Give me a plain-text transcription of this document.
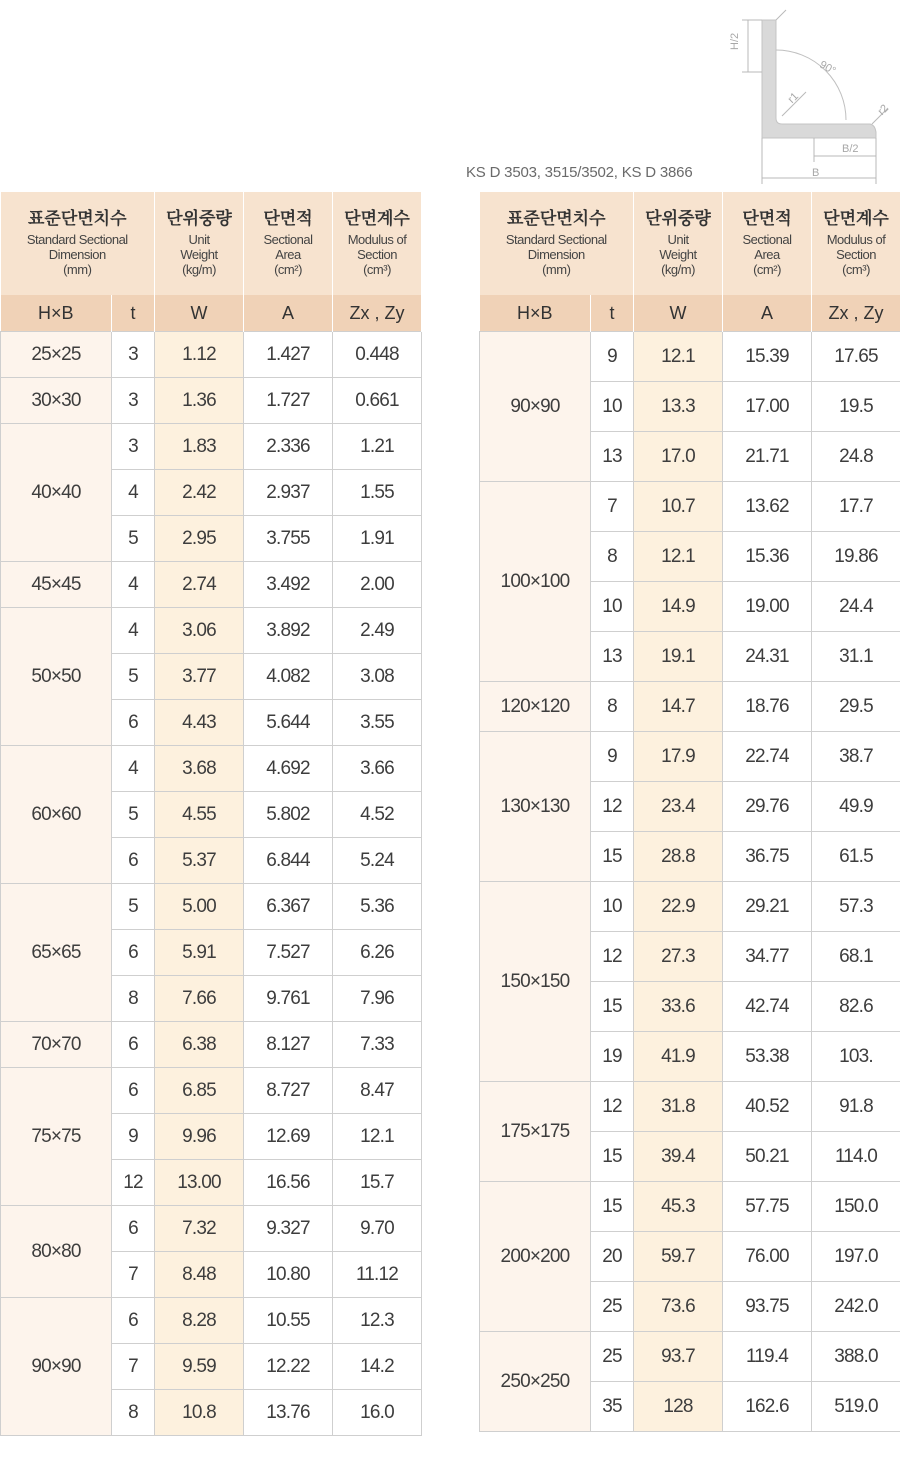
H/2
90°
r1
r2
B/2
B
KS D 3503, 3515/3502, KS D 3866
표준단면치수
Standard Sectional
Dimension
(mm)		단위중량
Unit
Weight
(kg/m)	단면적
Sectional
Area
(cm²)	단면계수
Modulus of
Section
(cm³)

H×B	t	W	A	Zx , Zy
25×25	3	1.12	1.427	0.448
30×30	3	1.36	1.727	0.661
40×40	3	1.83	2.336	1.21
	4	2.42	2.937	1.55
	5	2.95	3.755	1.91
45×45	4	2.74	3.492	2.00
50×50	4	3.06	3.892	2.49
	5	3.77	4.082	3.08
	6	4.43	5.644	3.55
60×60	4	3.68	4.692	3.66
	5	4.55	5.802	4.52
	6	5.37	6.844	5.24
65×65	5	5.00	6.367	5.36
	6	5.91	7.527	6.26
	8	7.66	9.761	7.96
70×70	6	6.38	8.127	7.33
75×75	6	6.85	8.727	8.47
	9	9.96	12.69	12.1
	12	13.00	16.56	15.7
80×80	6	7.32	9.327	9.70
	7	8.48	10.80	11.12
90×90	6	8.28	10.55	12.3
	7	9.59	12.22	14.2
	8	10.8	13.76	16.0
표준단면치수
Standard Sectional
Dimension
(mm)		단위중량
Unit
Weight
(kg/m)	단면적
Sectional
Area
(cm²)	단면계수
Modulus of
Section
(cm³)

H×B	t	W	A	Zx , Zy
90×90	9	12.1	15.39	17.65
	10	13.3	17.00	19.5
	13	17.0	21.71	24.8
100×100	7	10.7	13.62	17.7
	8	12.1	15.36	19.86
	10	14.9	19.00	24.4
	13	19.1	24.31	31.1
120×120	8	14.7	18.76	29.5
130×130	9	17.9	22.74	38.7
	12	23.4	29.76	49.9
	15	28.8	36.75	61.5
150×150	10	22.9	29.21	57.3
	12	27.3	34.77	68.1
	15	33.6	42.74	82.6
	19	41.9	53.38	103.
175×175	12	31.8	40.52	91.8
	15	39.4	50.21	114.0
200×200	15	45.3	57.75	150.0
	20	59.7	76.00	197.0
	25	73.6	93.75	242.0
250×250	25	93.7	119.4	388.0
	35	128	162.6	519.0
